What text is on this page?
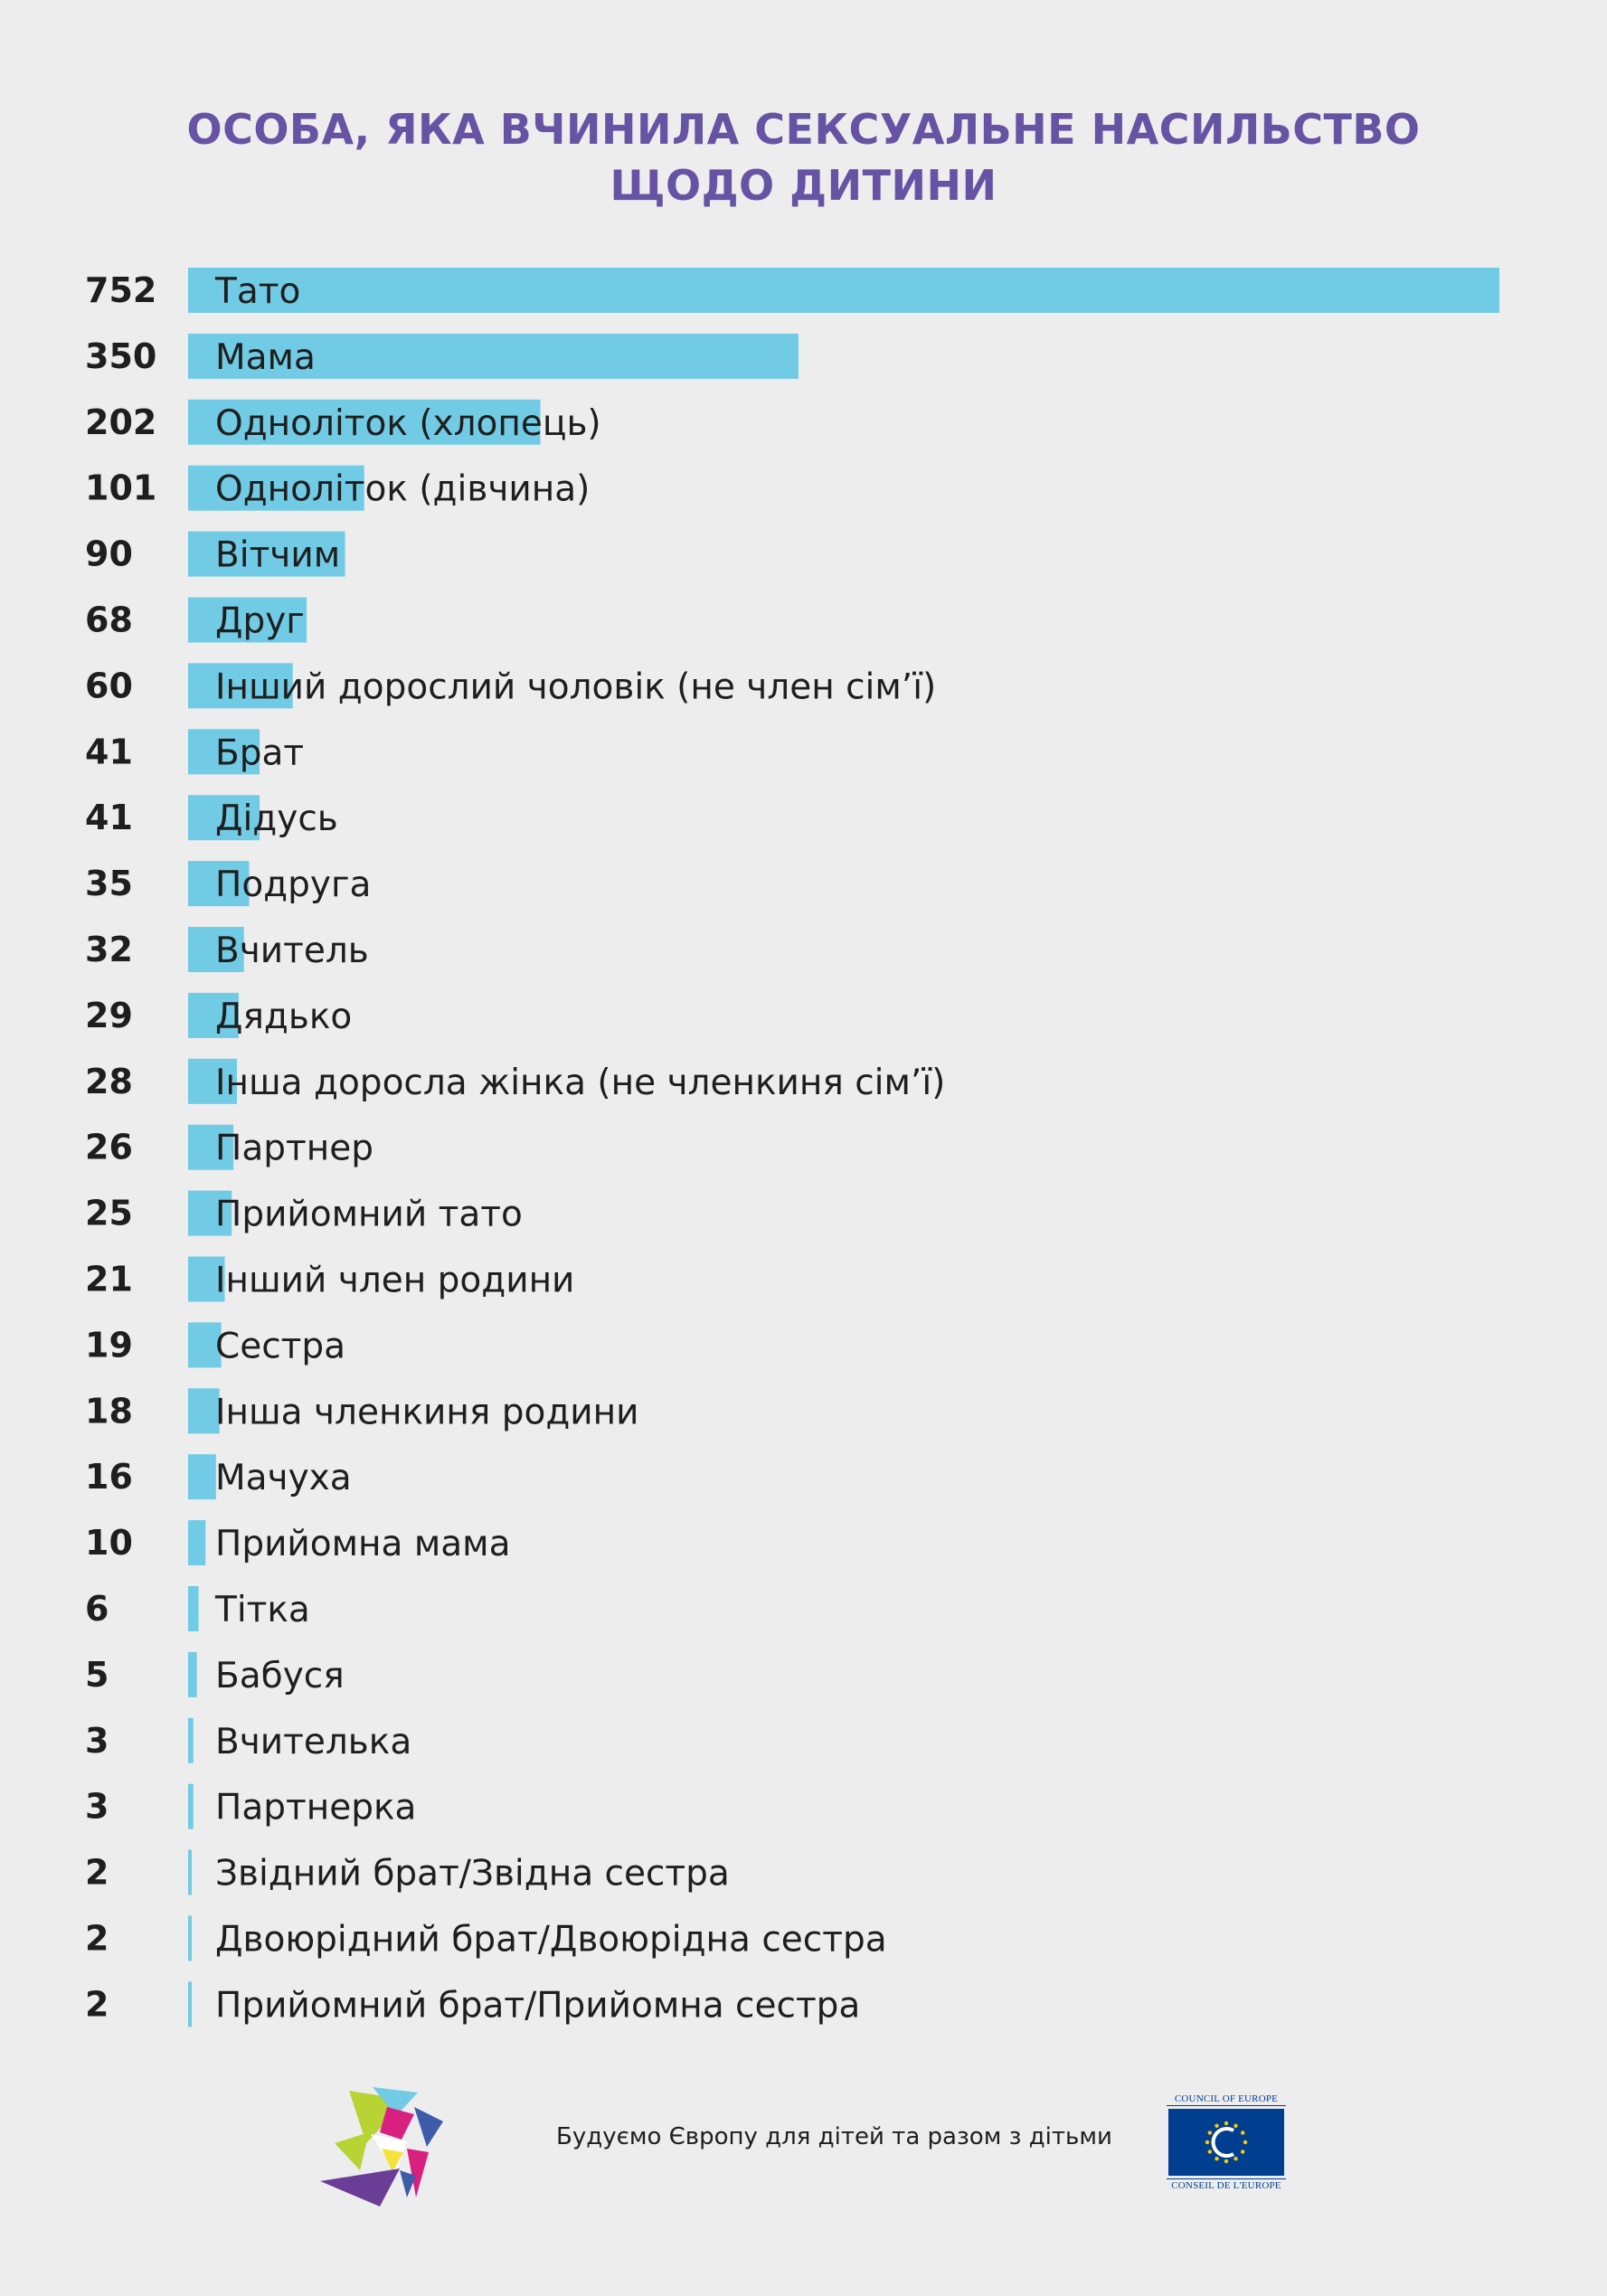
ОСОБА, ЯКА ВЧИНИЛА СЕКСУАЛЬНЕ НАСИЛЬСТВО
ЩОДО ДИТИНИ
752 Тато
350 Мама
202 Одноліток (хлопець)
101 Одноліток (дівчина)
90 Вітчим
68 Друг
60 Інший дорослий чоловік (не член сім’ї)
41 Брат
41 Дідусь
35 Подруга
32 Вчитель
29 Дядько
28 Інша доросла жінка (не членкиня сім’ї)
26 Партнер
25 Прийомний тато
21 Інший член родини
19 Сестра
18 Інша членкиня родини
16 Мачуха
10 Прийомна мама
6	Тітка
5	Бабуся
3	Вчителька
3	Партнерка
2	Звідний брат/Звідна сестра
2	Двоюрідний брат/Двоюрідна сестра
2	Прийомний брат/Прийомна сестра
Будуємо Європу для дітей та разом з дітьми
COUNCIL OF EUROPE
CONSEIL DE L'EUROPE
